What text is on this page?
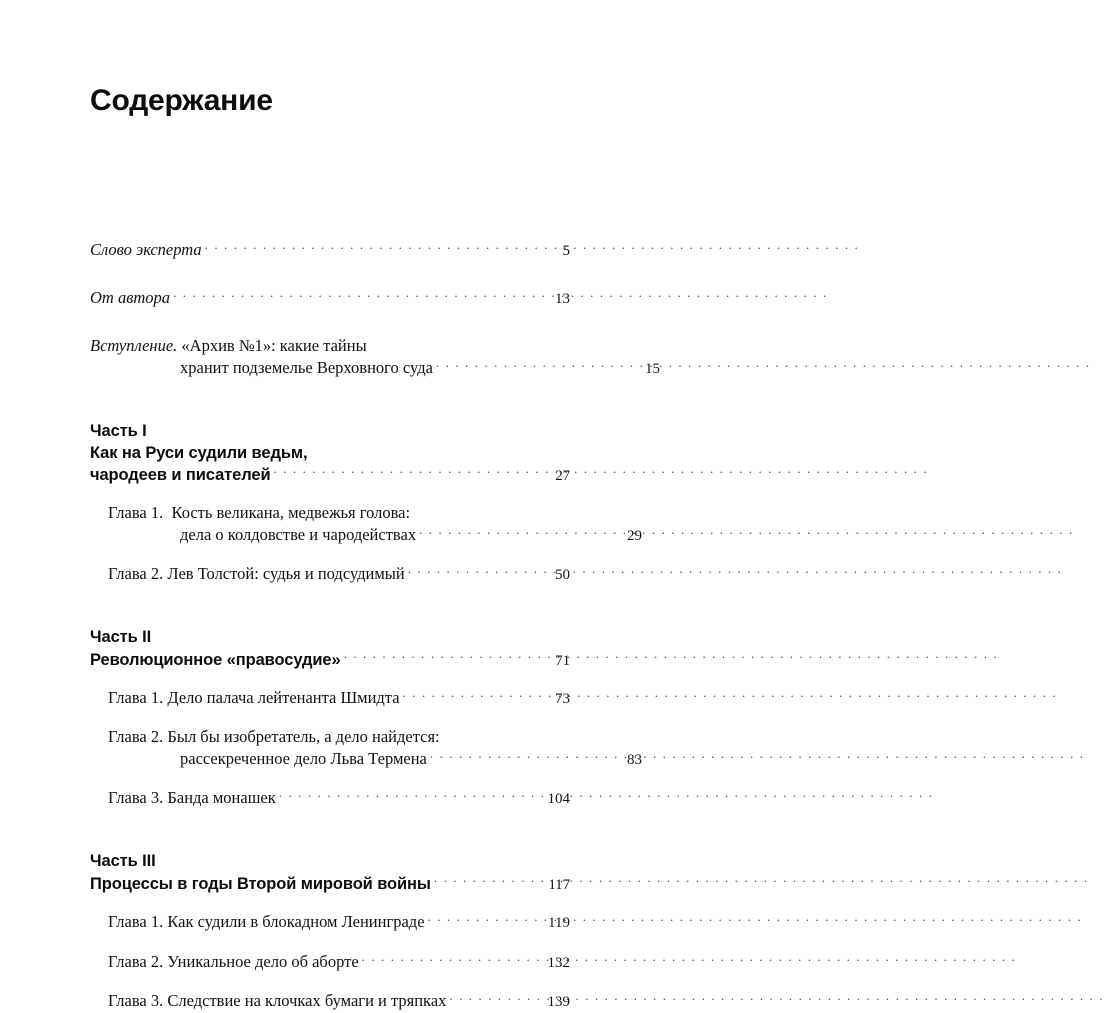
Содержание
Слово эксперта . . .	5
От автора . . .	13
Вступление. «Архив №1»: какие тайны
хранит подземелье Верховного суда . . .	15
Часть I
Как на Руси судили ведьм,
чародеев и писателей . . .	27
Глава 1.
Кость великана, медвежья голова:
дела о колдовстве и чародействах . . .	29
Глава 2.
Лев Толстой: судья и подсудимый . . .	50
Часть II
Революционное «правосудие» . . .	71
Глава 1.
Дело палача лейтенанта Шмидта . . .	73
Глава 2.
Был бы изобретатель, а дело найдется:
рассекреченное дело Льва Термена . . .	83
Глава 3.
Банда монашек . . .	104
Часть III
Процессы в годы Второй мировой войны . . .	117
Глава 1.
Как судили в блокадном Ленинграде . . .	119
Глава 2.
Уникальное дело об аборте . . .	132
Глава 3.
Следствие на клочках бумаги и тряпках . . .	139
